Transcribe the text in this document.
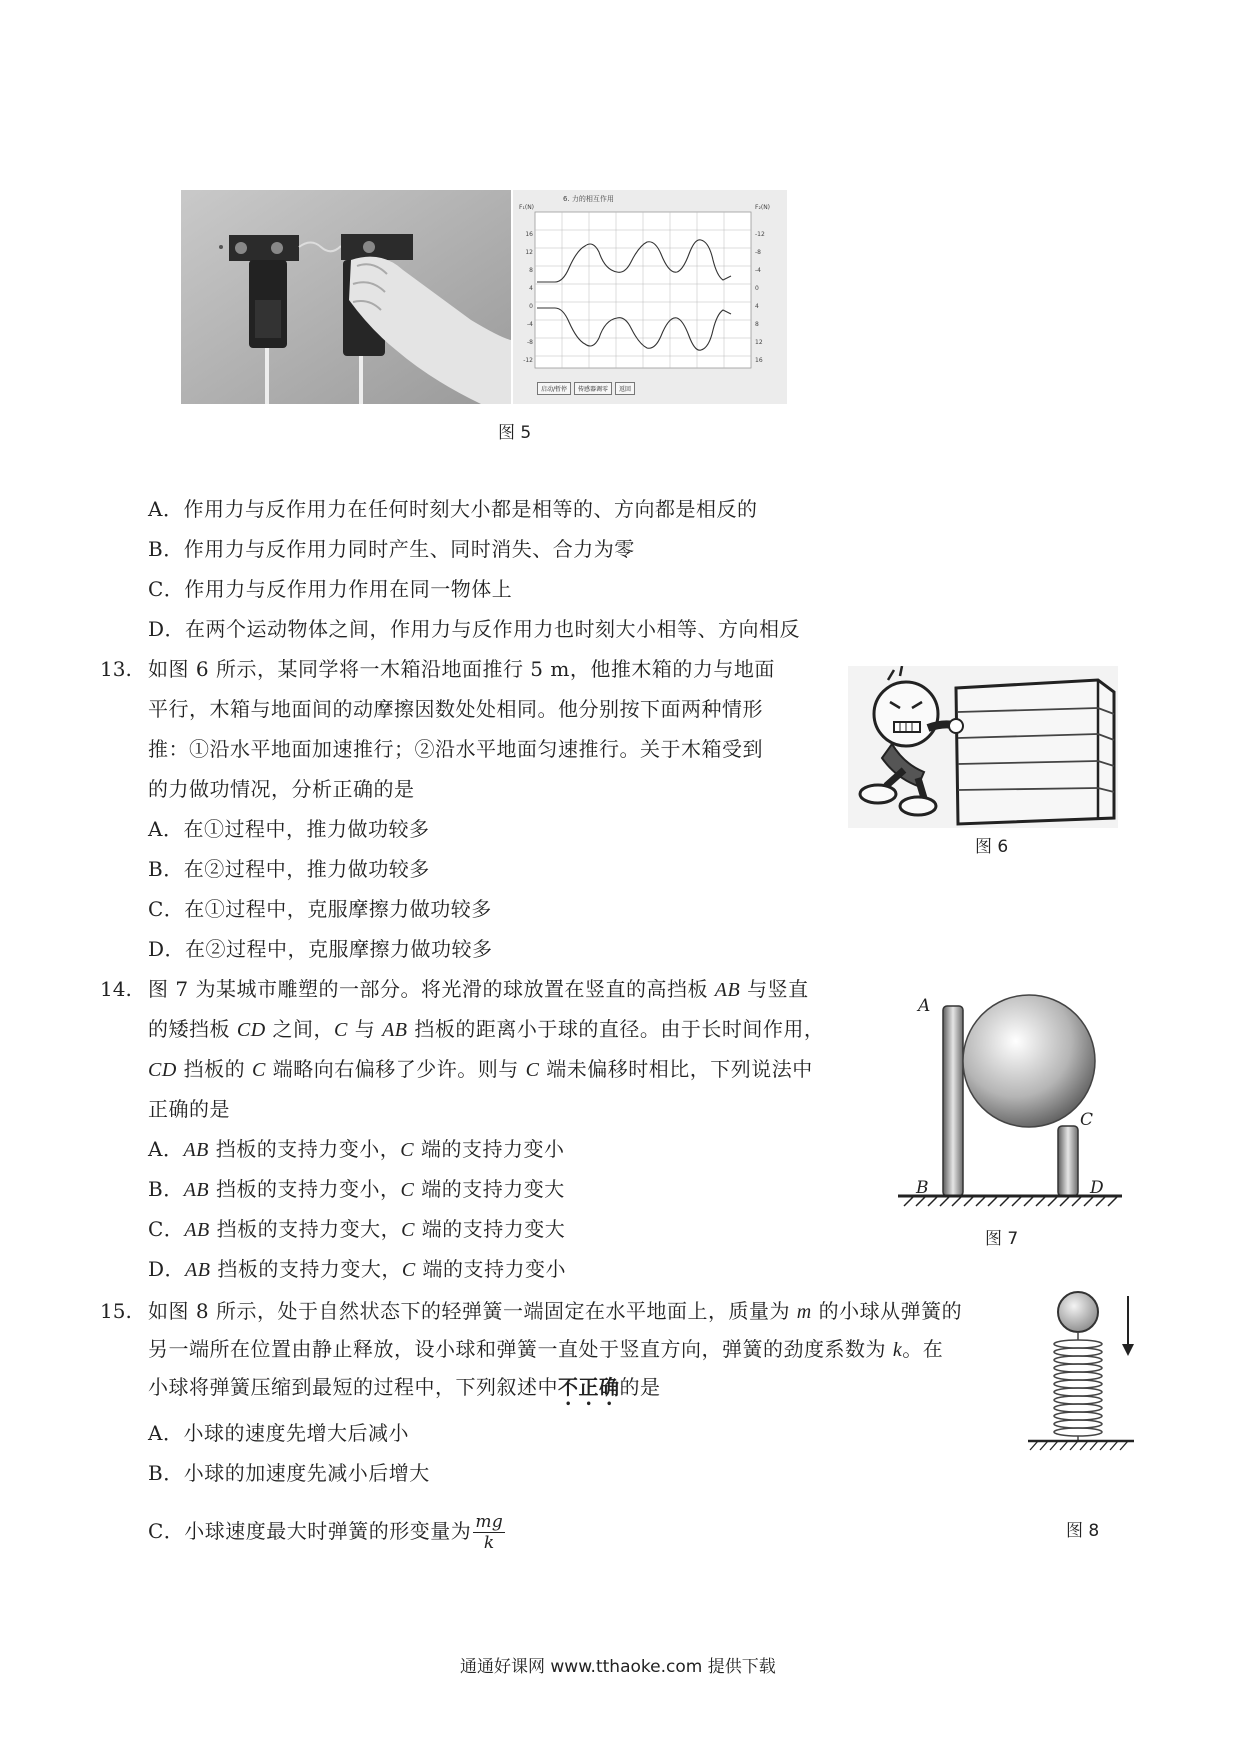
6. 力的相互作用
F₁(N)	F₂(N)
16
12
8
4
0
-4
-8
-12
-12
-8
-4
0
4
8
12
16
启动/暂停	传感器调零	返回
图 5
A．作用力与反作用力在任何时刻大小都是相等的、方向都是相反的
B．作用力与反作用力同时产生、同时消失、合力为零
C．作用力与反作用力作用在同一物体上
D．在两个运动物体之间，作用力与反作用力也时刻大小相等、方向相反
13. 如图 6 所示，某同学将一木箱沿地面推行 5 m，他推木箱的力与地面
平行，木箱与地面间的动摩擦因数处处相同。他分别按下面两种情形
推：①沿水平地面加速推行；②沿水平地面匀速推行。关于木箱受到
的力做功情况，分析正确的是
A．在①过程中，推力做功较多
B．在②过程中，推力做功较多
C．在①过程中，克服摩擦力做功较多
D．在②过程中，克服摩擦力做功较多
图 6
14. 图 7 为某城市雕塑的一部分。将光滑的球放置在竖直的高挡板 AB 与竖直
的矮挡板 CD 之间，C 与 AB 挡板的距离小于球的直径。由于长时间作用，
CD 挡板的 C 端略向右偏移了少许。则与 C 端未偏移时相比，下列说法中
正确的是
A．AB 挡板的支持力变小，C 端的支持力变小
B．AB 挡板的支持力变小，C 端的支持力变大
C．AB 挡板的支持力变大，C 端的支持力变大
D．AB 挡板的支持力变大，C 端的支持力变小
A
B
C
D
图 7
15. 如图 8 所示，处于自然状态下的轻弹簧一端固定在水平地面上，质量为 m 的小球从弹簧的
另一端所在位置由静止释放，设小球和弹簧一直处于竖直方向，弹簧的劲度系数为 k。在
小球将弹簧压缩到最短的过程中，下列叙述中不正确的是
A．小球的速度先增大后减小
B．小球的加速度先减小后增大
C．小球速度最大时弹簧的形变量为 $\frac{mg}{k}$	图 8
通通好课网 www.tthaoke.com 提供下载
